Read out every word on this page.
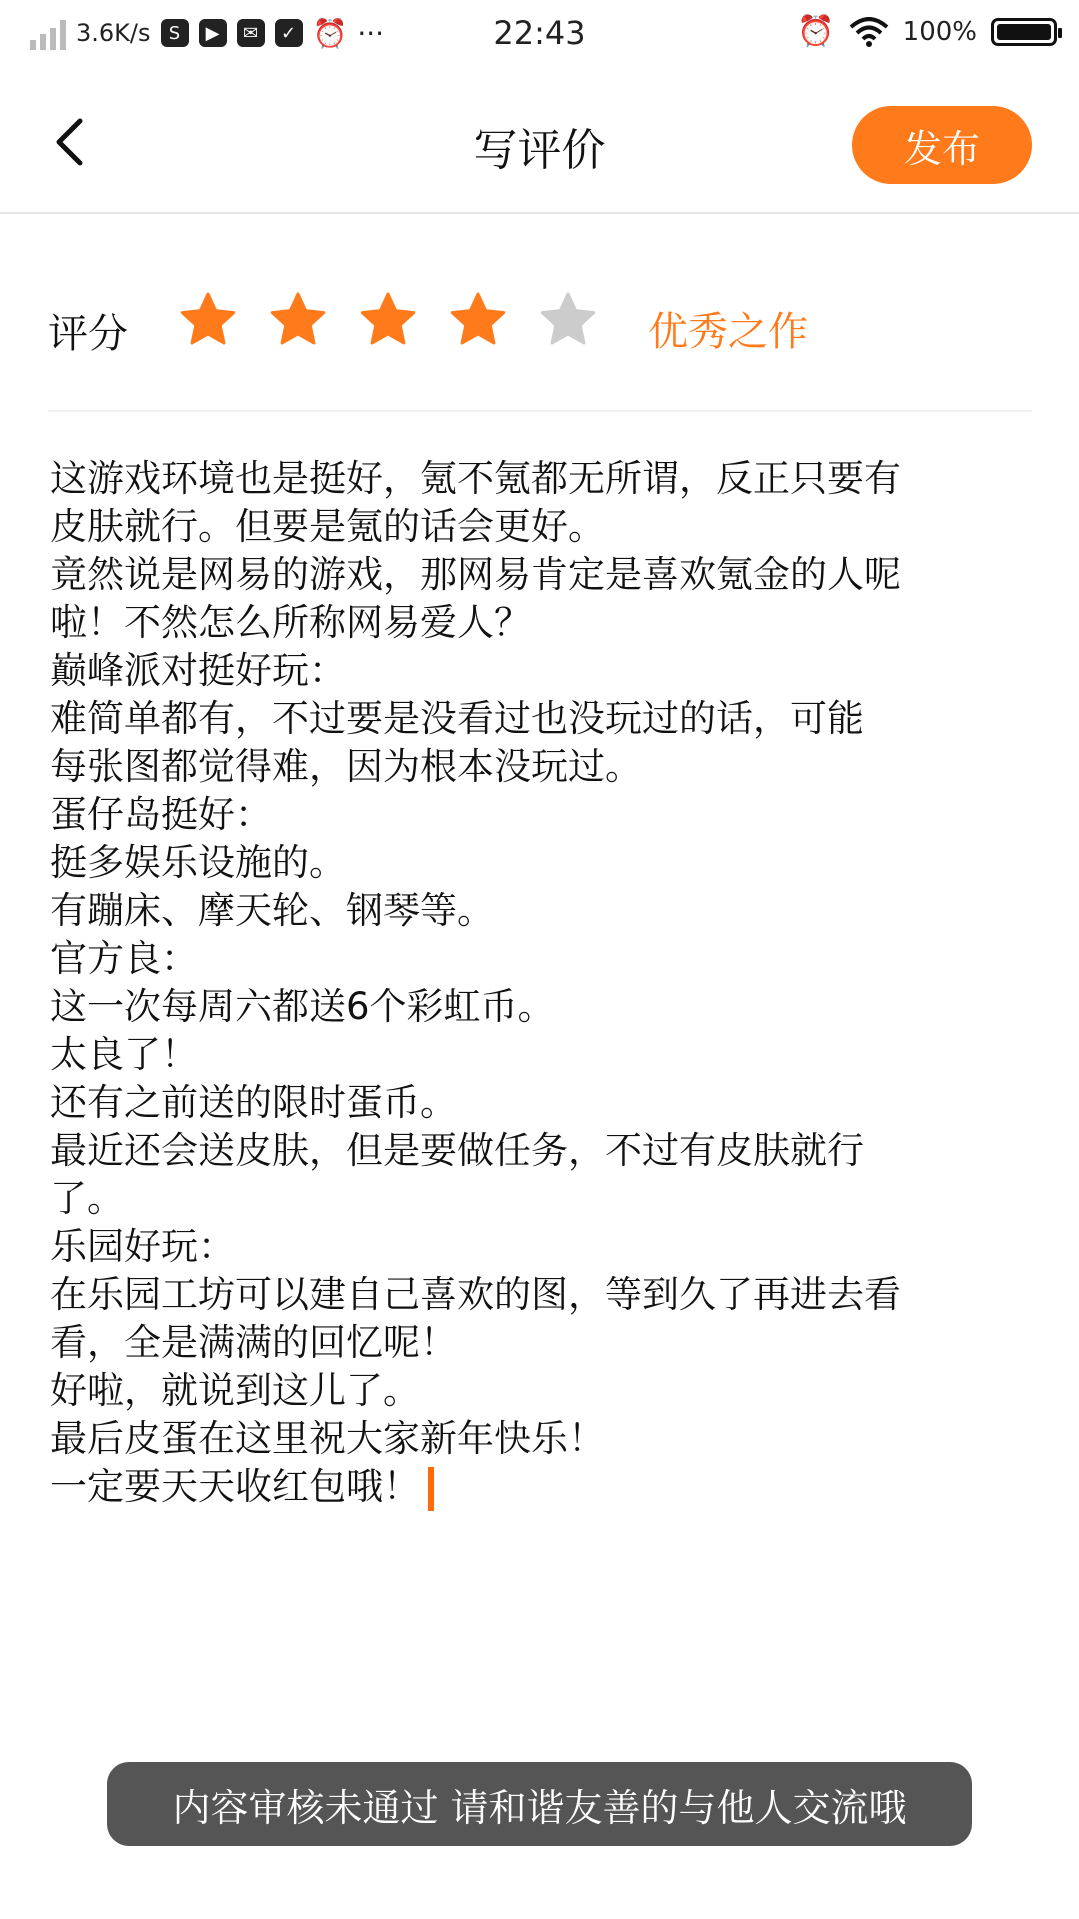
3.6K/s	S	▶	✉	✓ ⏰ ···	22:43	⏰	100%
写评价	发布
评分	优秀之作
这游戏环境也是挺好，氪不氪都无所谓，反正只要有
皮肤就行。但要是氪的话会更好。
竟然说是网易的游戏，那网易肯定是喜欢氪金的人呢
啦！不然怎么所称网易爱人？
巅峰派对挺好玩：
难简单都有，不过要是没看过也没玩过的话，可能
每张图都觉得难，因为根本没玩过。
蛋仔岛挺好：
挺多娱乐设施的。
有蹦床、摩天轮、钢琴等。
官方良：
这一次每周六都送6个彩虹币。
太良了！
还有之前送的限时蛋币。
最近还会送皮肤，但是要做任务，不过有皮肤就行
了。
乐园好玩：
在乐园工坊可以建自己喜欢的图，等到久了再进去看
看，全是满满的回忆呢！
好啦，就说到这儿了。
最后皮蛋在这里祝大家新年快乐！
一定要天天收红包哦！
内容审核未通过 请和谐友善的与他人交流哦
